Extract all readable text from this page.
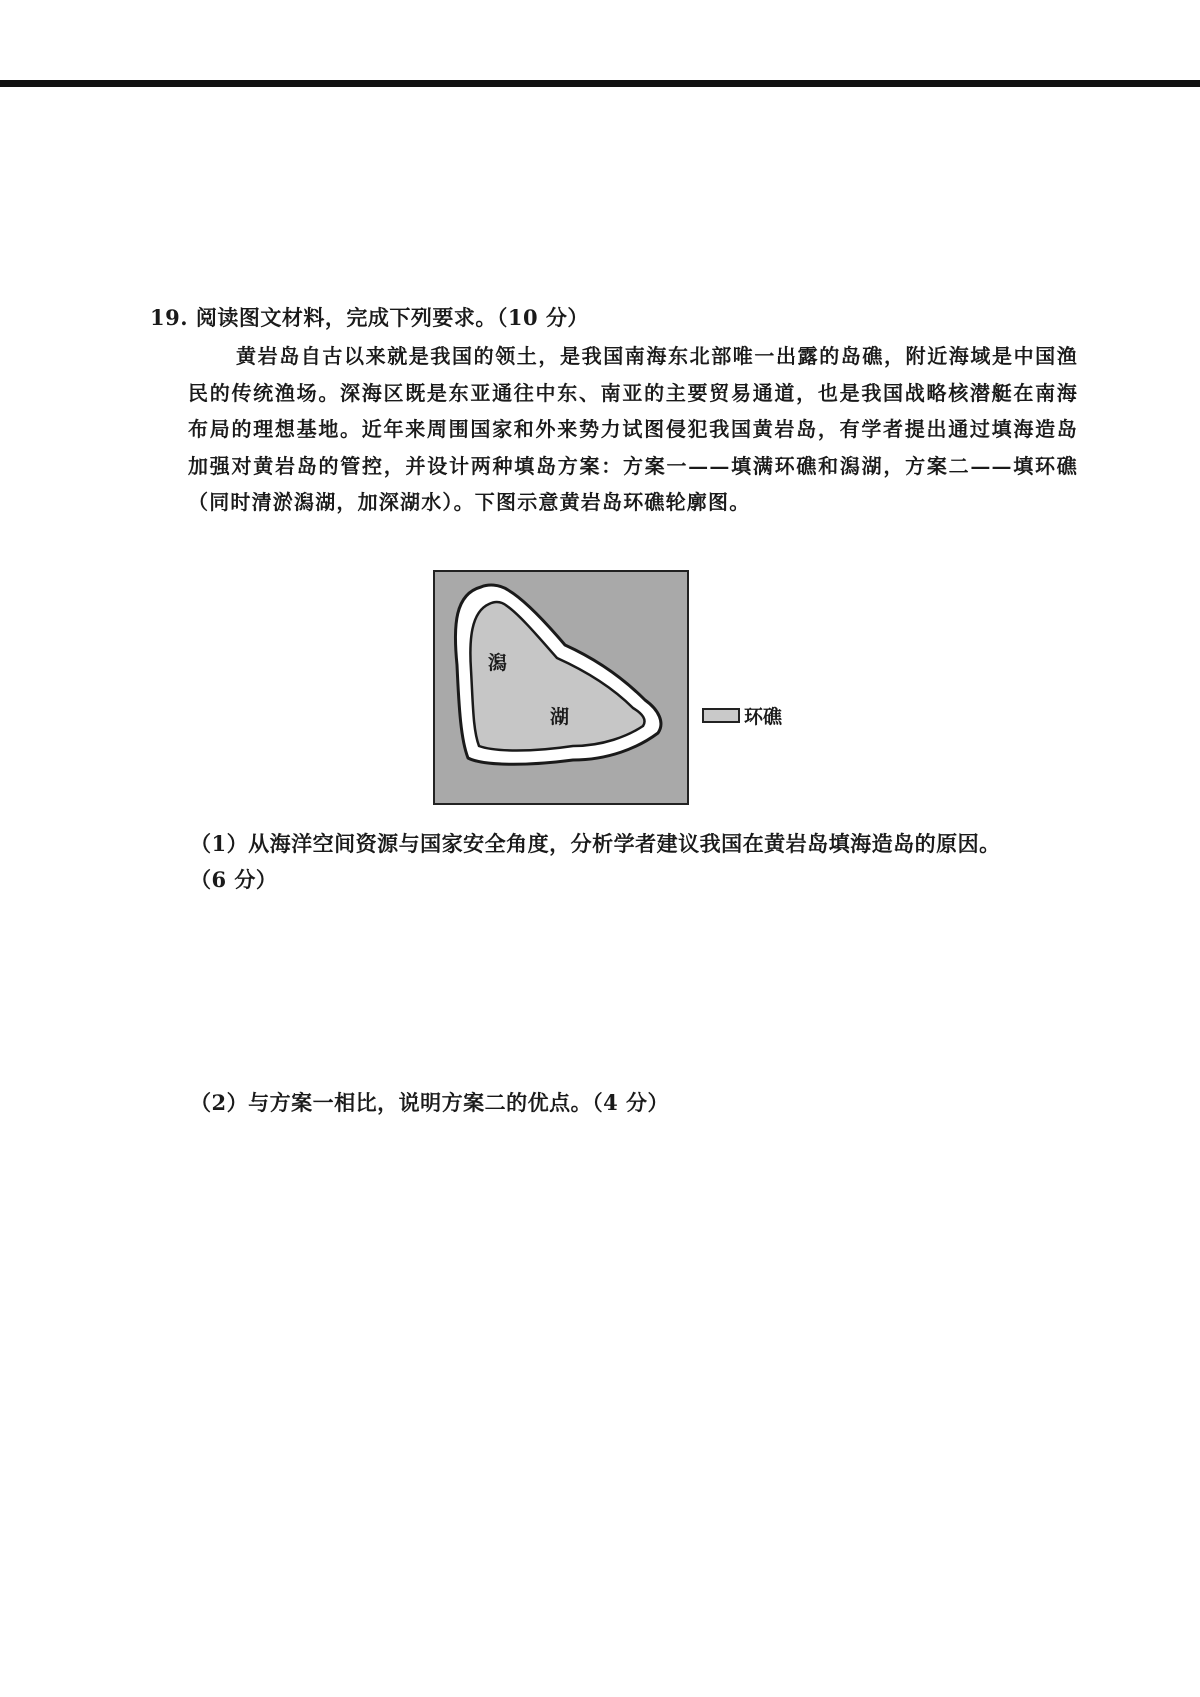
19. 阅读图文材料，完成下列要求。（10 分）

黄岩岛自古以来就是我国的领土，是我国南海东北部唯一出露的岛礁，附近海域是中国渔民的传统渔场。深海区既是东亚通往中东、南亚的主要贸易通道，也是我国战略核潜艇在南海布局的理想基地。近年来周围国家和外来势力试图侵犯我国黄岩岛，有学者提出通过填海造岛加强对黄岩岛的管控，并设计两种填岛方案：方案一——填满环礁和潟湖，方案二——填环礁（同时清淤潟湖，加深湖水）。下图示意黄岩岛环礁轮廓图。

潟
湖	环礁

（1）从海洋空间资源与国家安全角度，分析学者建议我国在黄岩岛填海造岛的原因。
（6 分）

（2）与方案一相比，说明方案二的优点。（4 分）
